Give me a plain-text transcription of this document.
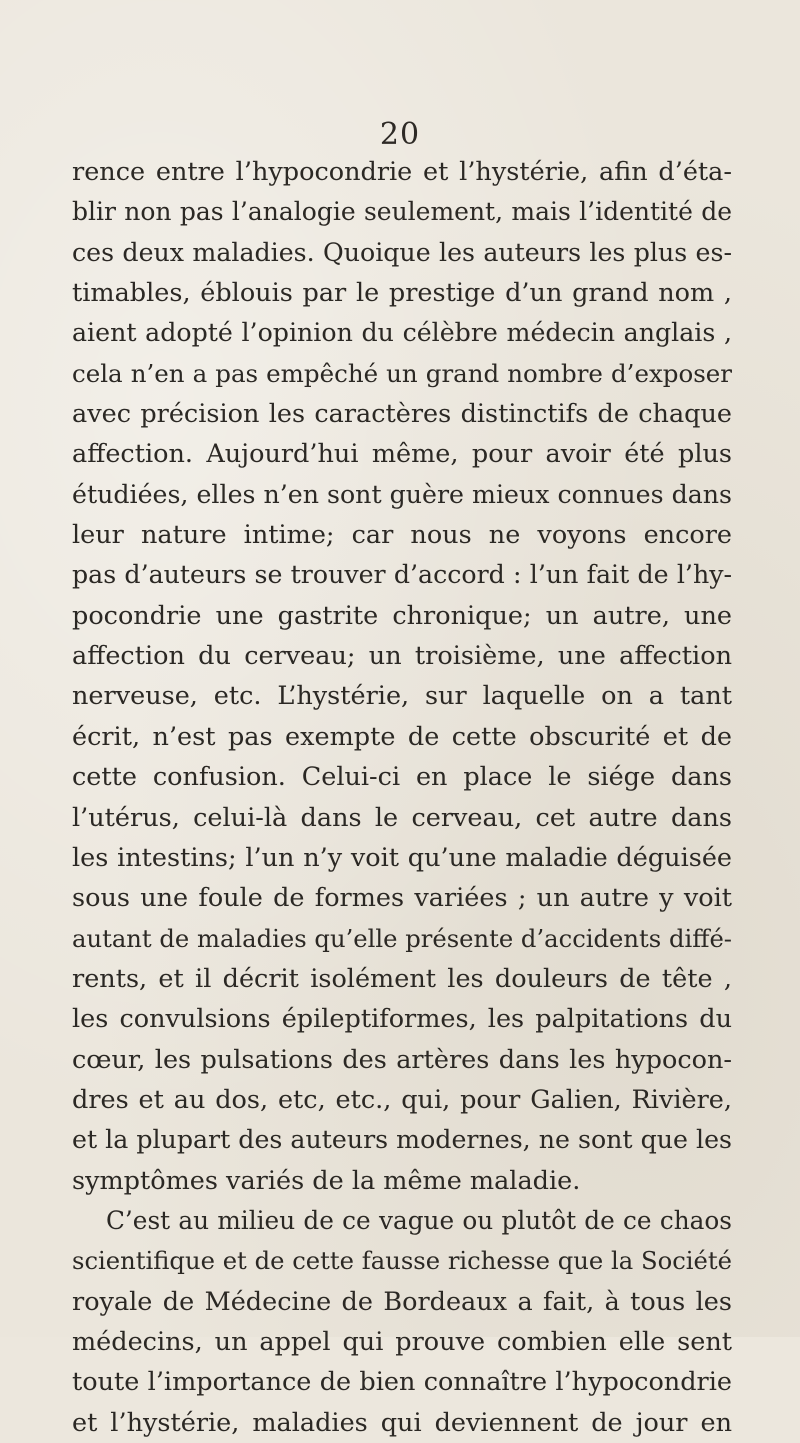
20
rence entre l’hypocondrie et l’hystérie, afin d’éta-
blir non pas l’analogie seulement, mais l’identité de
ces deux maladies. Quoique les auteurs les plus es-
timables, éblouis par le prestige d’un grand nom ,
aient adopté l’opinion du célèbre médecin anglais ,
cela n’en a pas empêché un grand nombre d’exposer
avec précision les caractères distinctifs de chaque
affection. Aujourd’hui même, pour avoir été plus
étudiées, elles n’en sont guère mieux connues dans
leur nature intime; car nous ne voyons encore
pas d’auteurs se trouver d’accord : l’un fait de l’hy-
pocondrie une gastrite chronique; un autre, une
affection du cerveau; un troisième, une affection
nerveuse, etc. L’hystérie, sur laquelle on a tant
écrit, n’est pas exempte de cette obscurité et de
cette confusion. Celui-ci en place le siége dans
l’utérus, celui-là dans le cerveau, cet autre dans
les intestins; l’un n’y voit qu’une maladie déguisée
sous une foule de formes variées ; un autre y voit
autant de maladies qu’elle présente d’accidents diffé-
rents, et il décrit isolément les douleurs de tête ,
les convulsions épileptiformes, les palpitations du
cœur, les pulsations des artères dans les hypocon-
dres et au dos, etc, etc., qui, pour Galien, Rivière,
et la plupart des auteurs modernes, ne sont que les
symptômes variés de la même maladie.
C’est au milieu de ce vague ou plutôt de ce chaos
scientifique et de cette fausse richesse que la Société
royale de Médecine de Bordeaux a fait, à tous les
médecins, un appel qui prouve combien elle sent
toute l’importance de bien connaître l’hypocondrie
et l’hystérie, maladies qui deviennent de jour en
